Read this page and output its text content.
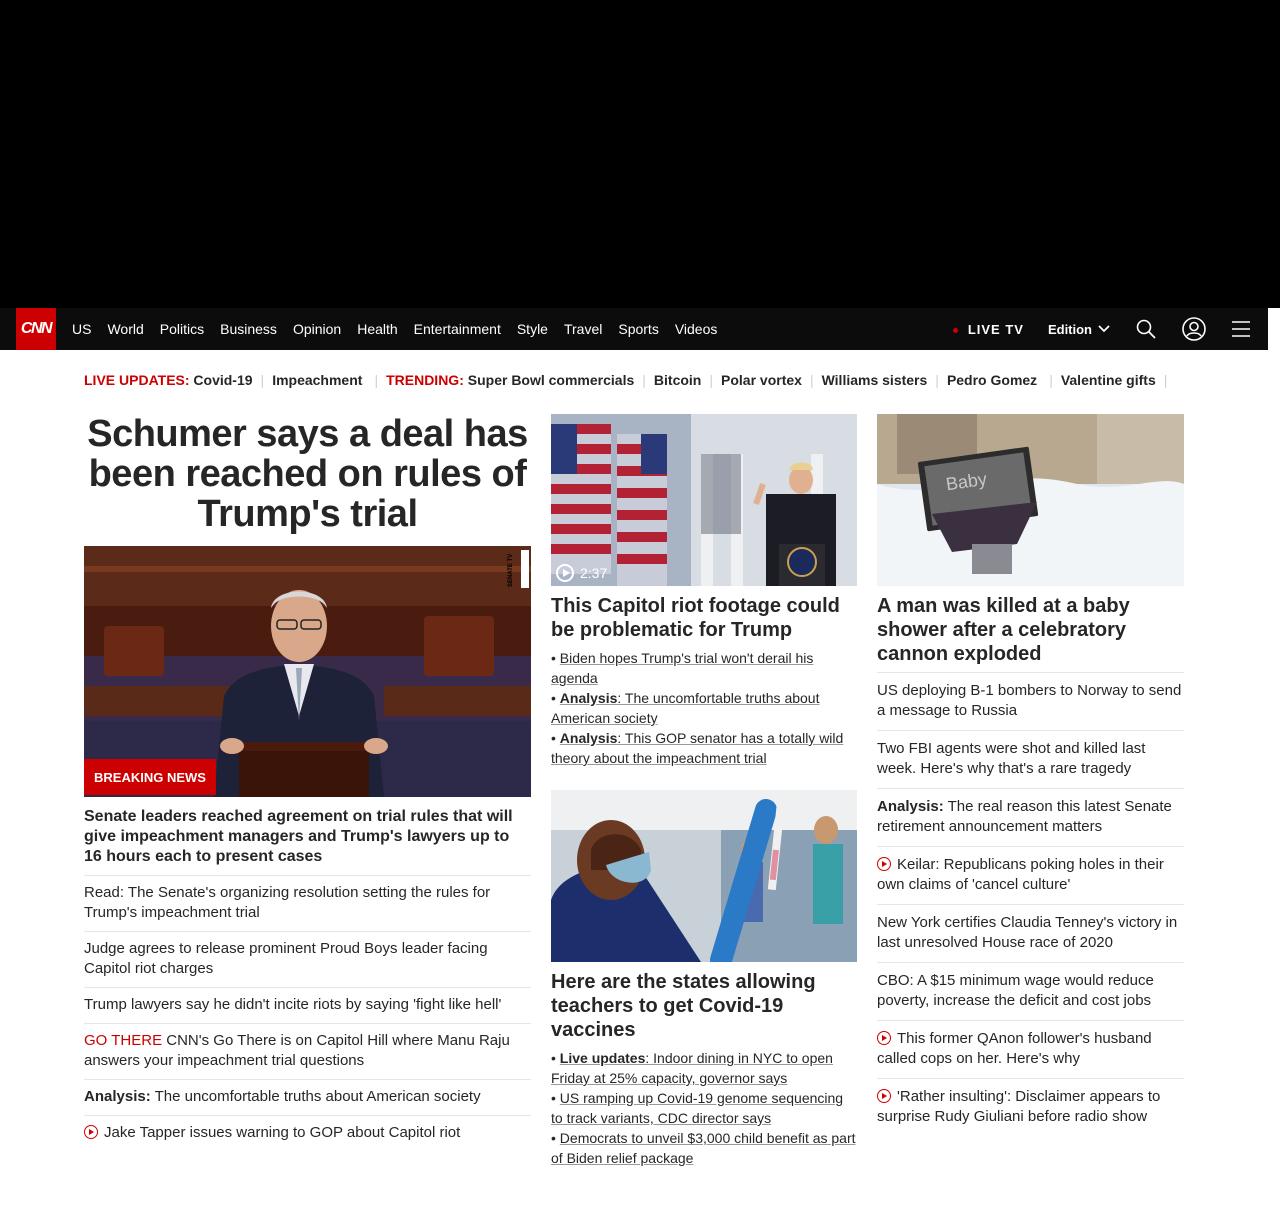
CNN US World Politics Business Opinion Health Entertainment Style Travel Sports Videos	LIVE TV Edition
LIVE UPDATES:
Covid-19 | Impeachment | TRENDING:
Super Bowl commercials | Bitcoin | Polar vortex | Williams sisters | Pedro Gomez | Valentine gifts |
Schumer says a deal has been reached on rules of Trump's trial
BREAKING NEWS
Senate leaders reached agreement on trial rules that will give impeachment managers and Trump's lawyers up to 16 hours each to present cases
Read: The Senate's organizing resolution setting the rules for Trump's impeachment trial
Judge agrees to release prominent Proud Boys leader facing Capitol riot charges
Trump lawyers say he didn't incite riots by saying 'fight like hell'
GO THERE CNN's Go There is on Capitol Hill where Manu Raju answers your impeachment trial questions
Analysis: The uncomfortable truths about American society
Jake Tapper issues warning to GOP about Capitol riot
2:37
This Capitol riot footage could be problematic for Trump
• Biden hopes Trump's trial won't derail his agenda
• Analysis: The uncomfortable truths about American society
• Analysis: This GOP senator has a totally wild theory about the impeachment trial
Here are the states allowing teachers to get Covid-19 vaccines
• Live updates: Indoor dining in NYC to open Friday at 25% capacity, governor says
• US ramping up Covid-19 genome sequencing to track variants, CDC director says
• Democrats to unveil $3,000 child benefit as part of Biden relief package
Baby
A man was killed at a baby shower after a celebratory cannon exploded
US deploying B-1 bombers to Norway to send a message to Russia
Two FBI agents were shot and killed last week. Here's why that's a rare tragedy
Analysis: The real reason this latest Senate retirement announcement matters
Keilar: Republicans poking holes in their own claims of 'cancel culture'
New York certifies Claudia Tenney's victory in last unresolved House race of 2020
CBO: A $15 minimum wage would reduce poverty, increase the deficit and cost jobs
This former QAnon follower's husband called cops on her. Here's why
'Rather insulting': Disclaimer appears to surprise Rudy Giuliani before radio show
